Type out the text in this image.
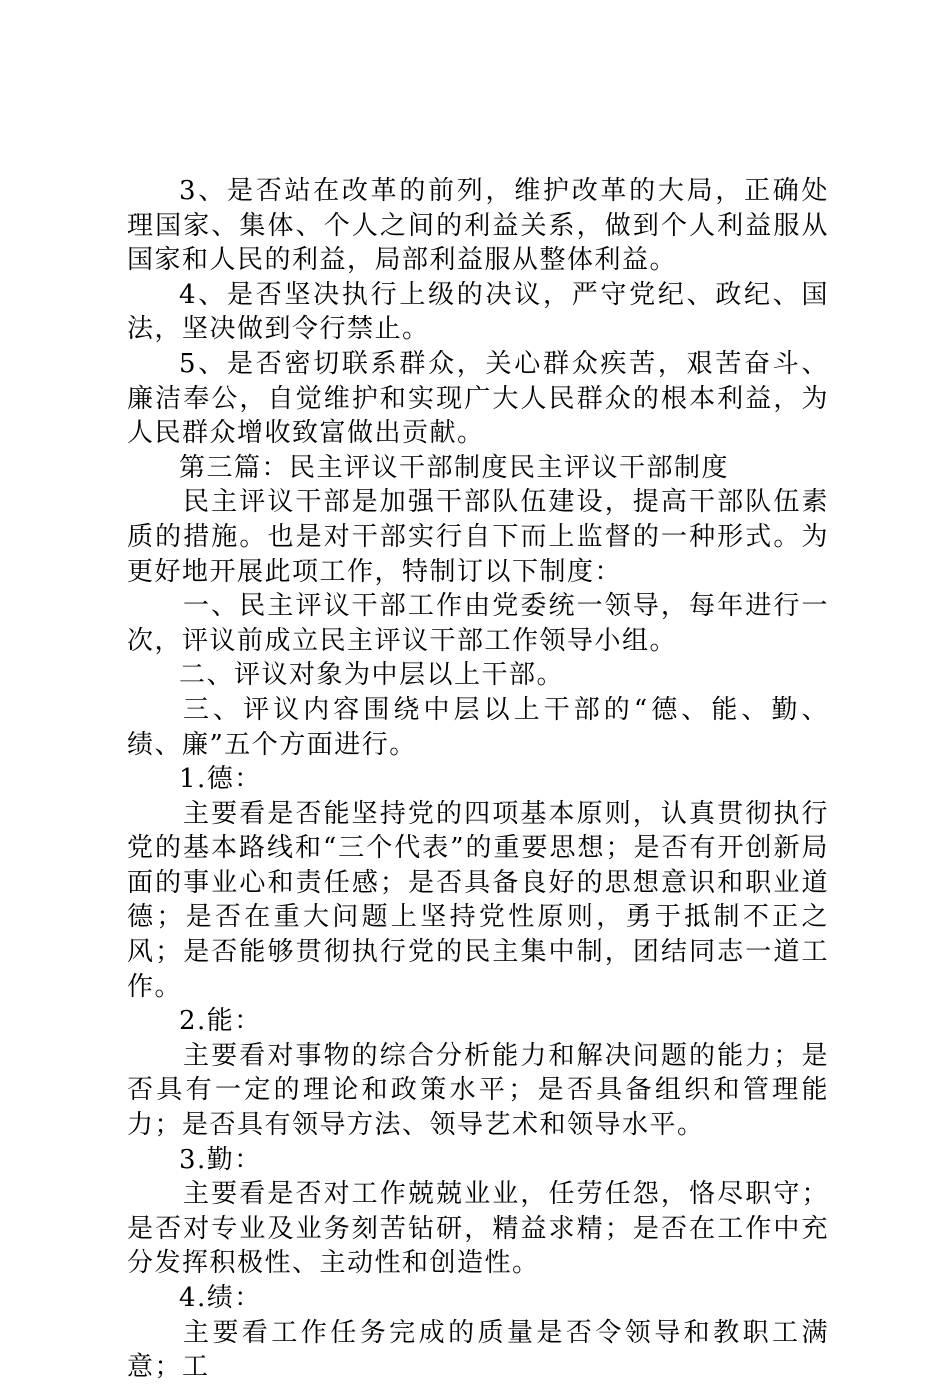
3、是否站在改革的前列，维护改革的大局，正确处理国家、集体、个人之间的利益关系，做到个人利益服从国家和人民的利益，局部利益服从整体利益。

4、是否坚决执行上级的决议，严守党纪、政纪、国法，坚决做到令行禁止。

5、是否密切联系群众，关心群众疾苦，艰苦奋斗、廉洁奉公，自觉维护和实现广大人民群众的根本利益，为人民群众增收致富做出贡献。

第三篇：民主评议干部制度民主评议干部制度

民主评议干部是加强干部队伍建设，提高干部队伍素质的措施。也是对干部实行自下而上监督的一种形式。为更好地开展此项工作，特制订以下制度：

一、民主评议干部工作由党委统一领导，每年进行一次，评议前成立民主评议干部工作领导小组。

二、评议对象为中层以上干部。

三、评议内容围绕中层以上干部的“德、能、勤、绩、廉”五个方面进行。

1.德：

主要看是否能坚持党的四项基本原则，认真贯彻执行党的基本路线和“三个代表”的重要思想；是否有开创新局面的事业心和责任感；是否具备良好的思想意识和职业道德；是否在重大问题上坚持党性原则，勇于抵制不正之风；是否能够贯彻执行党的民主集中制，团结同志一道工作。

2.能：

主要看对事物的综合分析能力和解决问题的能力；是否具有一定的理论和政策水平；是否具备组织和管理能力；是否具有领导方法、领导艺术和领导水平。

3.勤：

主要看是否对工作兢兢业业，任劳任怨，恪尽职守；是否对专业及业务刻苦钻研，精益求精；是否在工作中充分发挥积极性、主动性和创造性。

4.绩：

主要看工作任务完成的质量是否令领导和教职工满意；工
